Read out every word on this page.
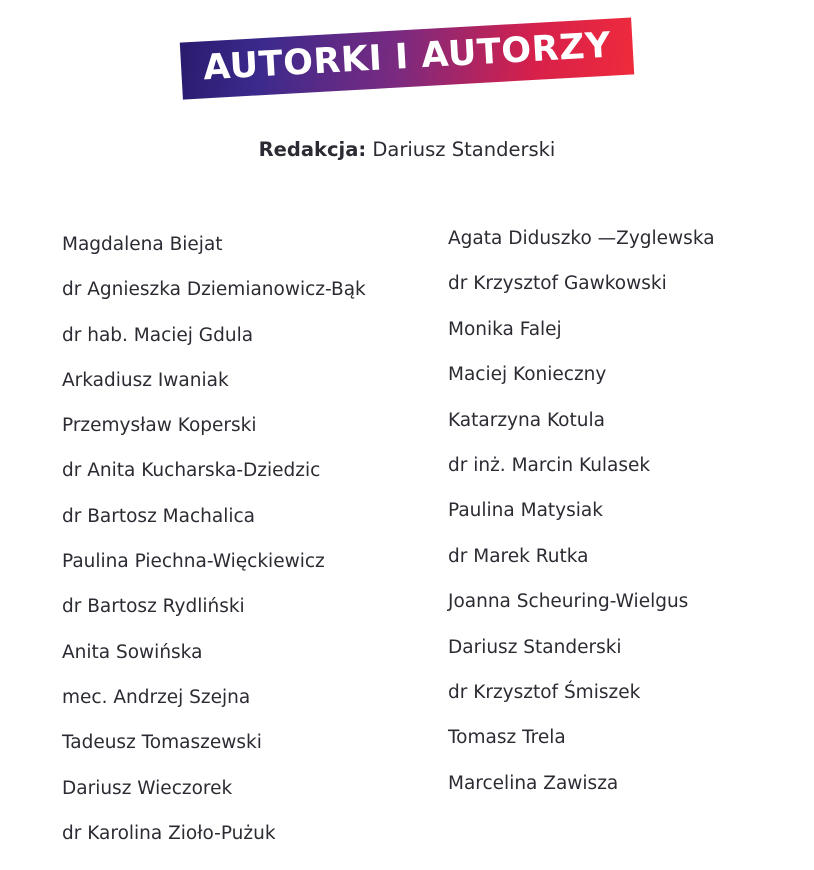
AUTORKI I AUTORZY
Redakcja: Dariusz Standerski
Magdalena Biejat
dr Agnieszka Dziemianowicz-Bąk
dr hab. Maciej Gdula
Arkadiusz Iwaniak
Przemysław Koperski
dr Anita Kucharska-Dziedzic
dr Bartosz Machalica
Paulina Piechna-Więckiewicz
dr Bartosz Rydliński
Anita Sowińska
mec. Andrzej Szejna
Tadeusz Tomaszewski
Dariusz Wieczorek
dr Karolina Zioło-Pużuk
Agata Diduszko —Zyglewska
dr Krzysztof Gawkowski
Monika Falej
Maciej Konieczny
Katarzyna Kotula
dr inż. Marcin Kulasek
Paulina Matysiak
dr Marek Rutka
Joanna Scheuring-Wielgus
Dariusz Standerski
dr Krzysztof Śmiszek
Tomasz Trela
Marcelina Zawisza
